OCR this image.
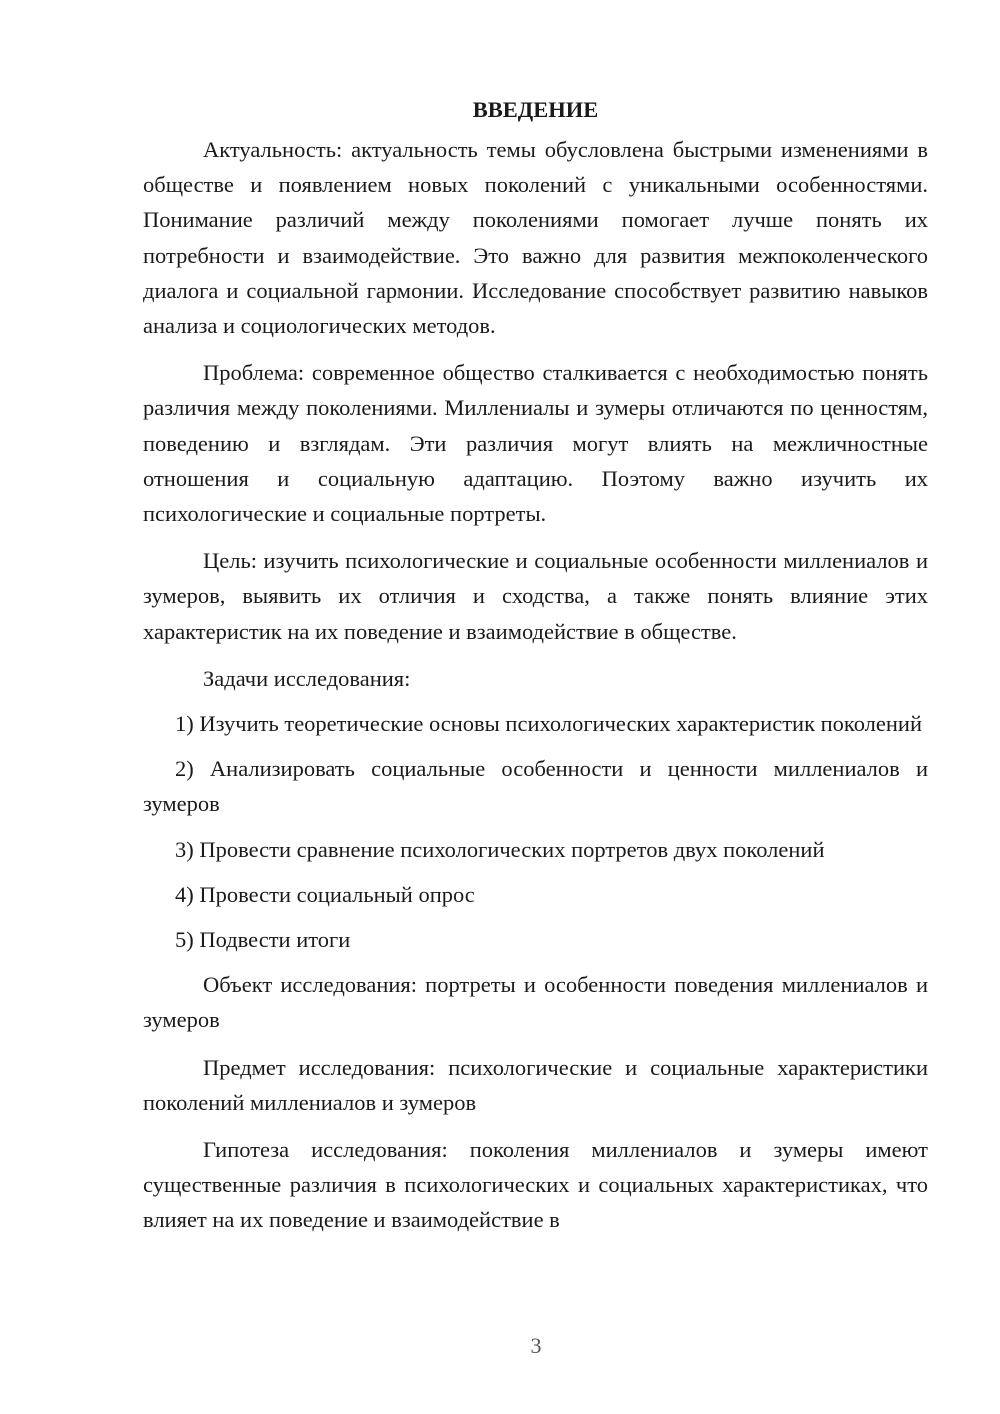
ВВЕДЕНИЕ

Актуальность: актуальность темы обусловлена быстрыми изменениями в обществе и появлением новых поколений с уникальными особенностями. Понимание различий между поколениями помогает лучше понять их потребности и взаимодействие. Это важно для развития межпоколенческого диалога и социальной гармонии. Исследование способствует развитию навыков анализа и социологических методов.

Проблема: современное общество сталкивается с необходимостью понять различия между поколениями. Миллениалы и зумеры отличаются по ценностям, поведению и взглядам. Эти различия могут влиять на межличностные отношения и социальную адаптацию. Поэтому важно изучить их психологические и социальные портреты.

Цель: изучить психологические и социальные особенности миллениалов и зумеров, выявить их отличия и сходства, а также понять влияние этих характеристик на их поведение и взаимодействие в обществе.

Задачи исследования:

1) Изучить теоретические основы психологических характеристик поколений

2) Анализировать социальные особенности и ценности миллениалов и зумеров

3) Провести сравнение психологических портретов двух поколений

4) Провести социальный опрос

5) Подвести итоги

Объект исследования: портреты и особенности поведения миллениалов и зумеров

Предмет исследования: психологические и социальные характеристики поколений миллениалов и зумеров

Гипотеза исследования: поколения миллениалов и зумеры имеют существенные различия в психологических и социальных характеристиках, что влияет на их поведение и взаимодействие в

3
